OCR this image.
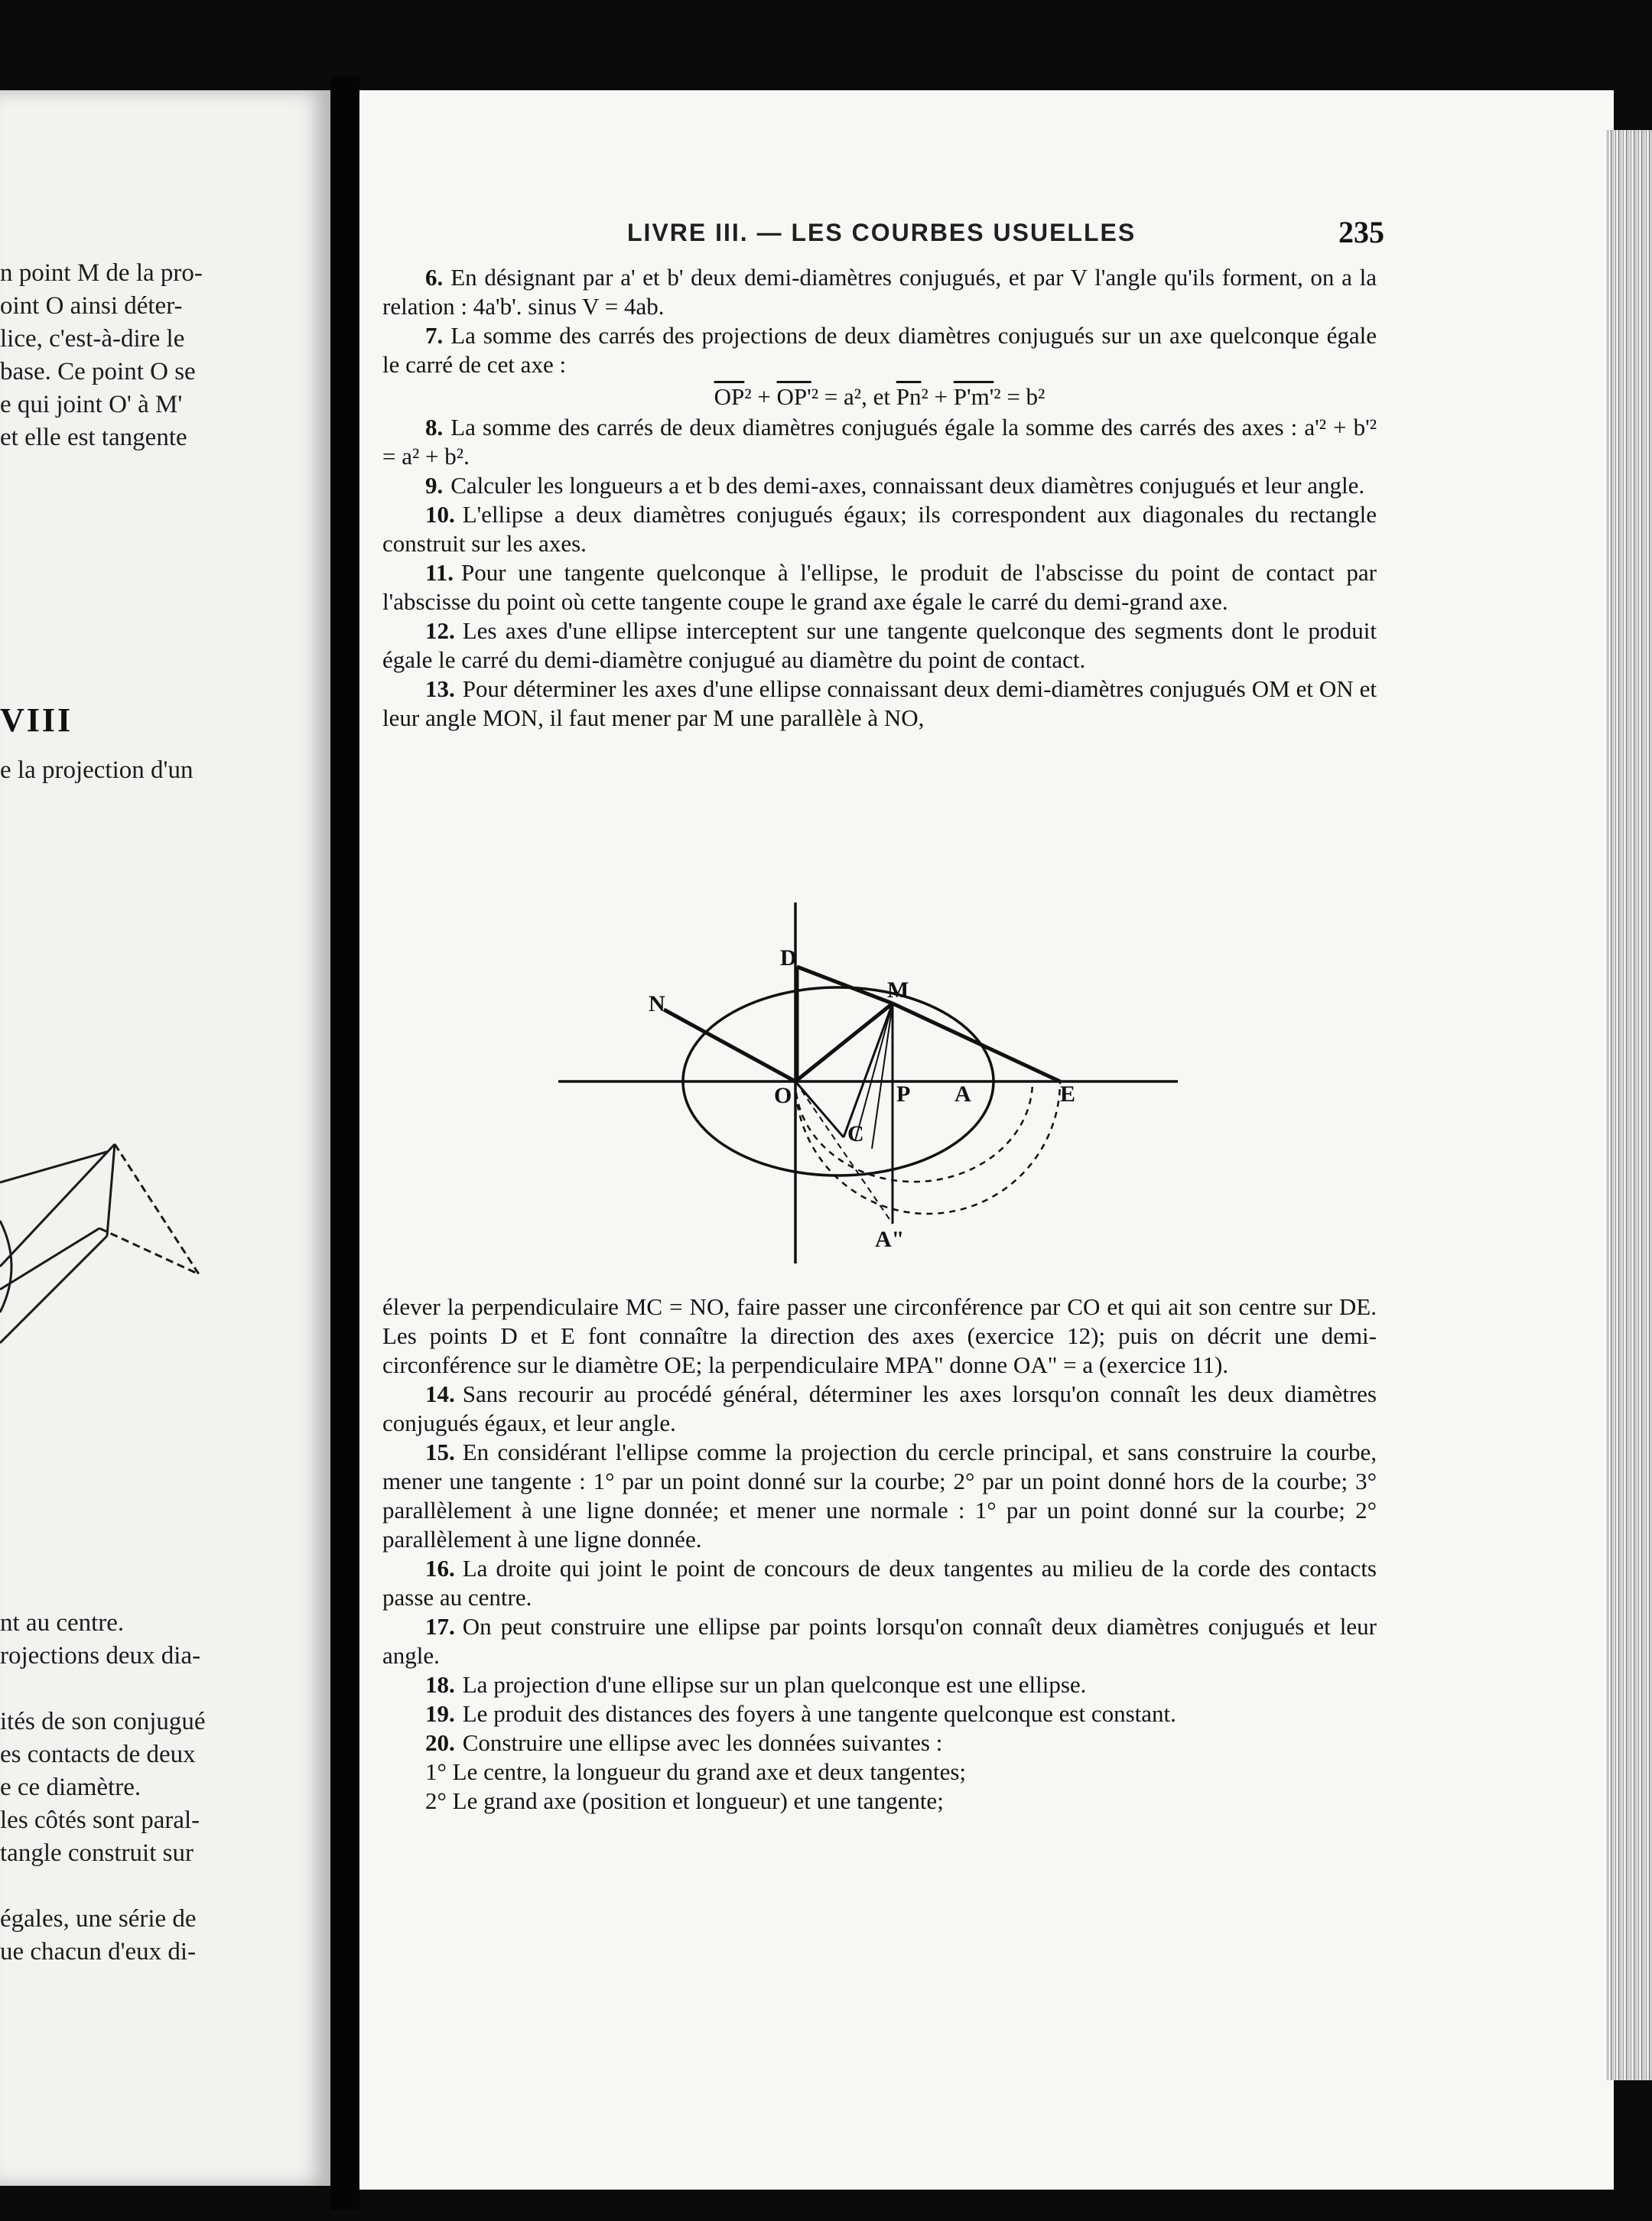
n point M de la pro-
oint O ainsi déter-
lice, c'est-à-dire le
base. Ce point O se
e qui joint O' à M'
et elle est tangente
VIII
e la projection d'un
nt au centre.
rojections deux dia-
ités de son conjugué
es contacts de deux
e ce diamètre.
les côtés sont paral-
tangle construit sur
égales, une série de
ue chacun d'eux di-
LIVRE III. — LES COURBES USUELLES	235

6. En désignant par a' et b' deux demi-diamètres conjugués, et par V l'angle qu'ils forment, on a la relation : 4a'b'. sinus V = 4ab.

7. La somme des carrés des projections de deux diamètres conjugués sur un axe quelconque égale le carré de cet axe :

$\overline{OP}^2 + OP'^2 = a^2$, et $\overline{Pn}^2 + P'm'^2 = b^2$

8. La somme des carrés de deux diamètres conjugués égale la somme des carrés des axes : a'² + b'² = a² + b².

9. Calculer les longueurs a et b des demi-axes, connaissant deux diamètres conjugués et leur angle.

10. L'ellipse a deux diamètres conjugués égaux; ils correspondent aux diagonales du rectangle construit sur les axes.

11. Pour une tangente quelconque à l'ellipse, le produit de l'abscisse du point de contact par l'abscisse du point où cette tangente coupe le grand axe égale le carré du demi-grand axe.

12. Les axes d'une ellipse interceptent sur une tangente quelconque des segments dont le produit égale le carré du demi-diamètre conjugué au diamètre du point de contact.

13. Pour déterminer les axes d'une ellipse connaissant deux demi-diamètres conjugués OM et ON et leur angle MON, il faut mener par M une parallèle à NO,

D
M
N
O	P A	E
C
A"

élever la perpendiculaire MC = NO, faire passer une circonférence par CO et qui ait son centre sur DE. Les points D et E font connaître la direction des axes (exercice 12); puis on décrit une demi-circonférence sur le diamètre OE; la perpendiculaire MPA" donne OA" = a (exercice 11).

14. Sans recourir au procédé général, déterminer les axes lorsqu'on connaît les deux diamètres conjugués égaux, et leur angle.

15. En considérant l'ellipse comme la projection du cercle principal, et sans construire la courbe, mener une tangente : 1° par un point donné sur la courbe; 2° par un point donné hors de la courbe; 3° parallèlement à une ligne donnée; et mener une normale : 1° par un point donné sur la courbe; 2° parallèlement à une ligne donnée.

16. La droite qui joint le point de concours de deux tangentes au milieu de la corde des contacts passe au centre.

17. On peut construire une ellipse par points lorsqu'on connaît deux diamètres conjugués et leur angle.

18. La projection d'une ellipse sur un plan quelconque est une ellipse.

19. Le produit des distances des foyers à une tangente quelconque est constant.

20. Construire une ellipse avec les données suivantes :

1° Le centre, la longueur du grand axe et deux tangentes;

2° Le grand axe (position et longueur) et une tangente;
